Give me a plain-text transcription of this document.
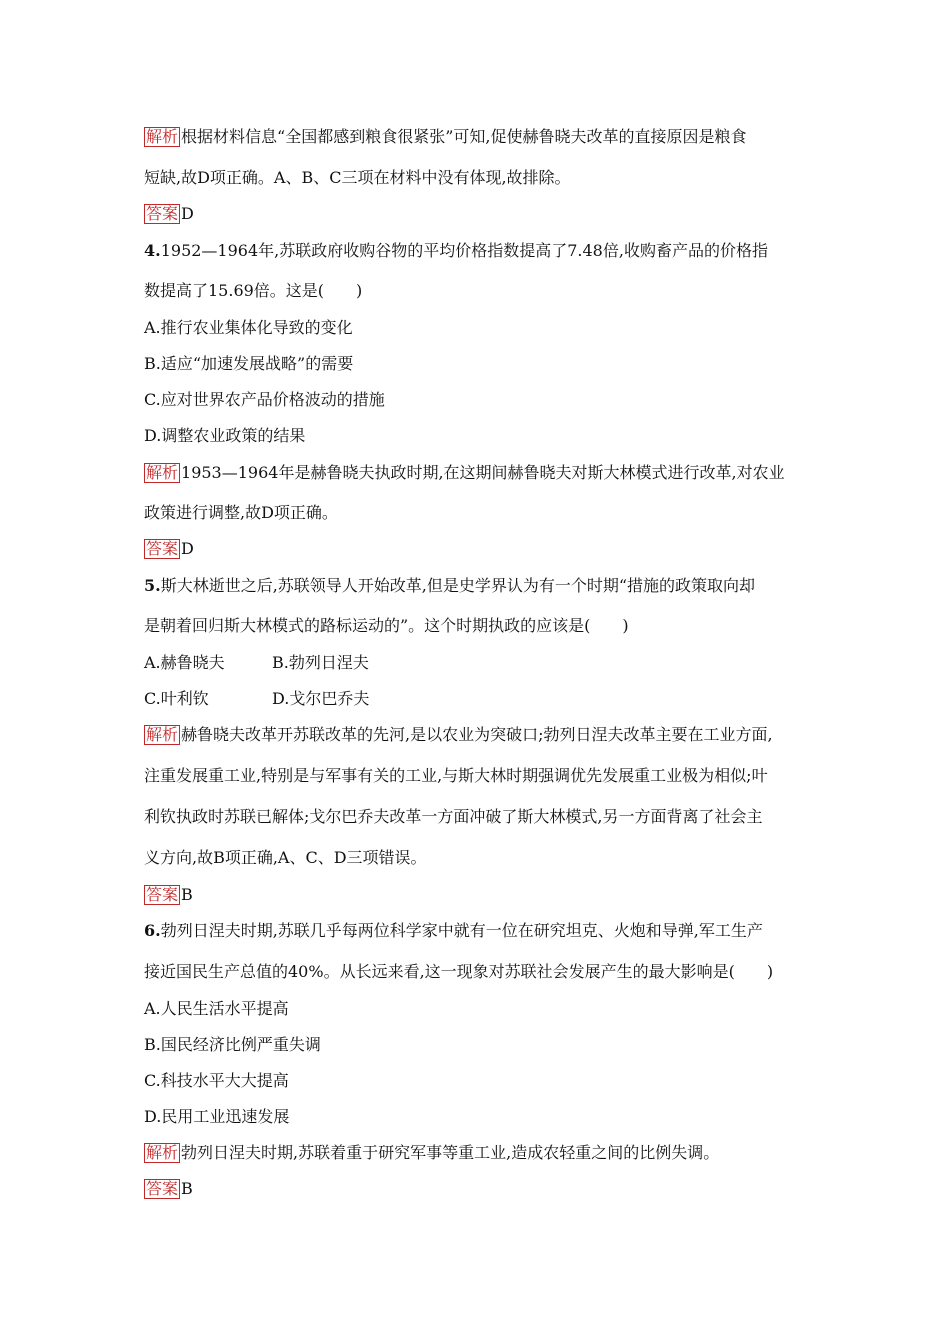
解析 根据材料信息“全国都感到粮食很紧张”可知,促使赫鲁晓夫改革的直接原因是粮食
短缺,故D项正确。A、B、C三项在材料中没有体现,故排除。
答案 D
4.1952—1964年,苏联政府收购谷物的平均价格指数提高了7.48倍,收购畜产品的价格指
数提高了15.69倍。这是(　　)
A.推行农业集体化导致的变化
B.适应“加速发展战略”的需要
C.应对世界农产品价格波动的措施
D.调整农业政策的结果
解析 1953—1964年是赫鲁晓夫执政时期,在这期间赫鲁晓夫对斯大林模式进行改革,对农业
政策进行调整,故D项正确。
答案 D
5.斯大林逝世之后,苏联领导人开始改革,但是史学界认为有一个时期“措施的政策取向却
是朝着回归斯大林模式的路标运动的”。这个时期执政的应该是(　　)
A.赫鲁晓夫	B.勃列日涅夫
C.叶利钦	D.戈尔巴乔夫
解析 赫鲁晓夫改革开苏联改革的先河,是以农业为突破口;勃列日涅夫改革主要在工业方面,
注重发展重工业,特别是与军事有关的工业,与斯大林时期强调优先发展重工业极为相似;叶
利钦执政时苏联已解体;戈尔巴乔夫改革一方面冲破了斯大林模式,另一方面背离了社会主
义方向,故B项正确,A、C、D三项错误。
答案 B
6.勃列日涅夫时期,苏联几乎每两位科学家中就有一位在研究坦克、火炮和导弹,军工生产
接近国民生产总值的40%。从长远来看,这一现象对苏联社会发展产生的最大影响是(　　)
A.人民生活水平提高
B.国民经济比例严重失调
C.科技水平大大提高
D.民用工业迅速发展
解析 勃列日涅夫时期,苏联着重于研究军事等重工业,造成农轻重之间的比例失调。
答案 B
